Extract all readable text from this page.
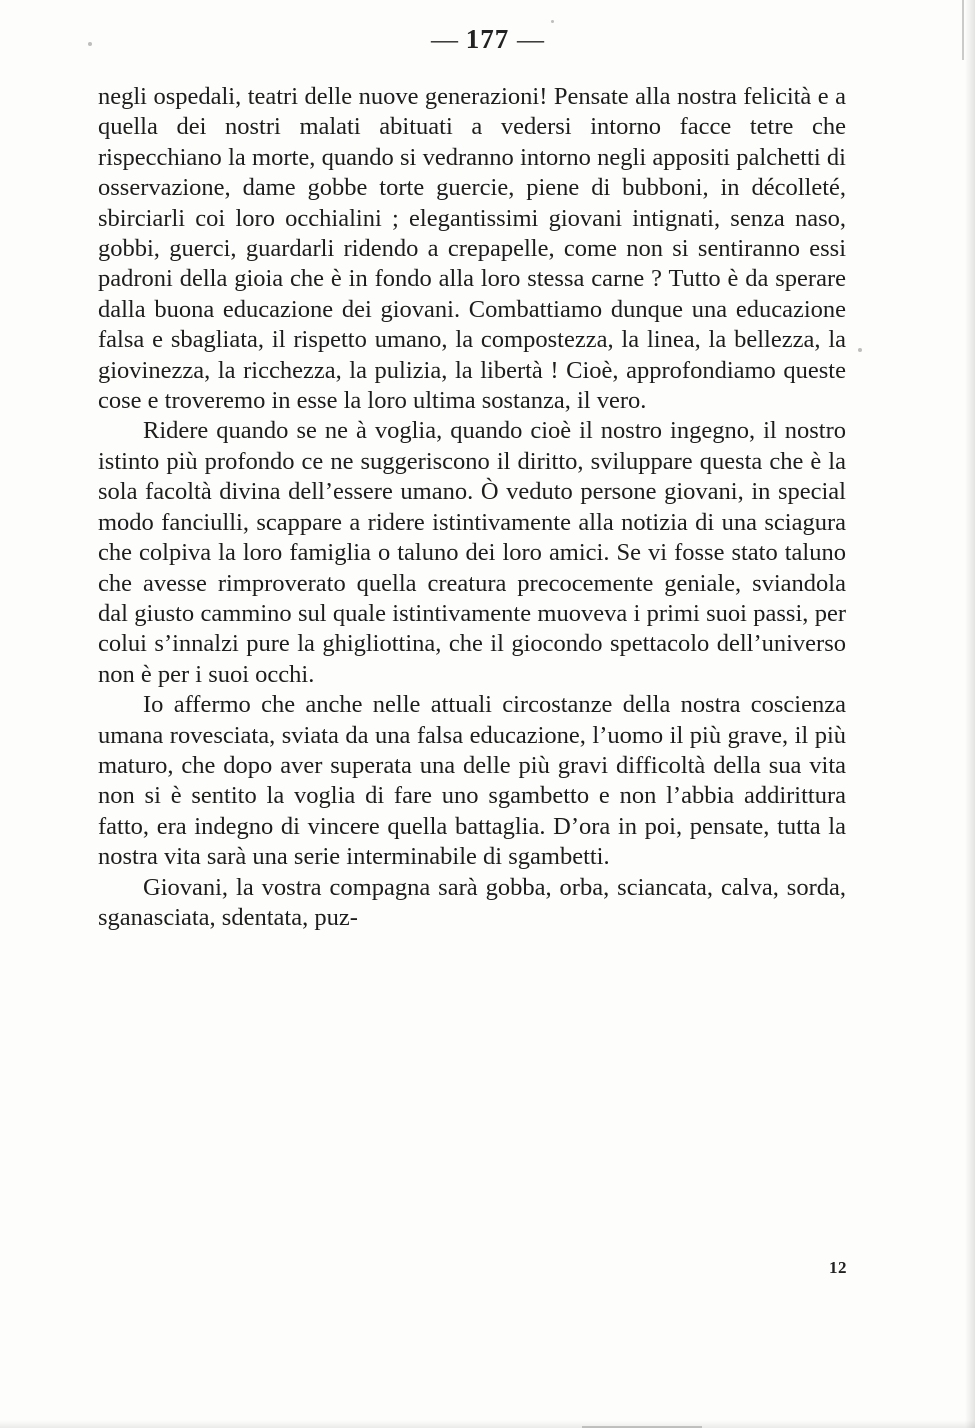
— 177 —

negli ospedali, teatri delle nuove generazioni! Pensate alla nostra felicità e a quella dei nostri malati abituati a vedersi intorno facce tetre che rispecchiano la morte, quando si vedranno intorno negli appositi palchetti di osservazione, dame gobbe torte guercie, piene di bubboni, in décolleté, sbirciarli coi loro occhialini ; elegantissimi giovani intignati, senza naso, gobbi, guerci, guardarli ridendo a crepapelle, come non si sentiranno essi padroni della gioia che è in fondo alla loro stessa carne ? Tutto è da sperare dalla buona educazione dei giovani. Combattiamo dunque una educazione falsa e sbagliata, il rispetto umano, la compostezza, la linea, la bellezza, la giovinezza, la ricchezza, la pulizia, la libertà ! Cioè, approfondiamo queste cose e troveremo in esse la loro ultima sostanza, il vero.

Ridere quando se ne à voglia, quando cioè il nostro ingegno, il nostro istinto più profondo ce ne suggeriscono il diritto, sviluppare questa che è la sola facoltà divina dell’essere umano. Ò veduto persone giovani, in special modo fanciulli, scappare a ridere istintivamente alla notizia di una sciagura che colpiva la loro famiglia o taluno dei loro amici. Se vi fosse stato taluno che avesse rimproverato quella creatura precocemente geniale, sviandola dal giusto cammino sul quale istintivamente muoveva i primi suoi passi, per colui s’innalzi pure la ghigliottina, che il giocondo spettacolo dell’universo non è per i suoi occhi.

Io affermo che anche nelle attuali circostanze della nostra coscienza umana rovesciata, sviata da una falsa educazione, l’uomo il più grave, il più maturo, che dopo aver superata una delle più gravi difficoltà della sua vita non si è sentito la voglia di fare uno sgambetto e non l’abbia addirittura fatto, era indegno di vincere quella battaglia. D’ora in poi, pensate, tutta la nostra vita sarà una serie interminabile di sgambetti.

Giovani, la vostra compagna sarà gobba, orba, sciancata, calva, sorda, sganasciata, sdentata, puz-

12
